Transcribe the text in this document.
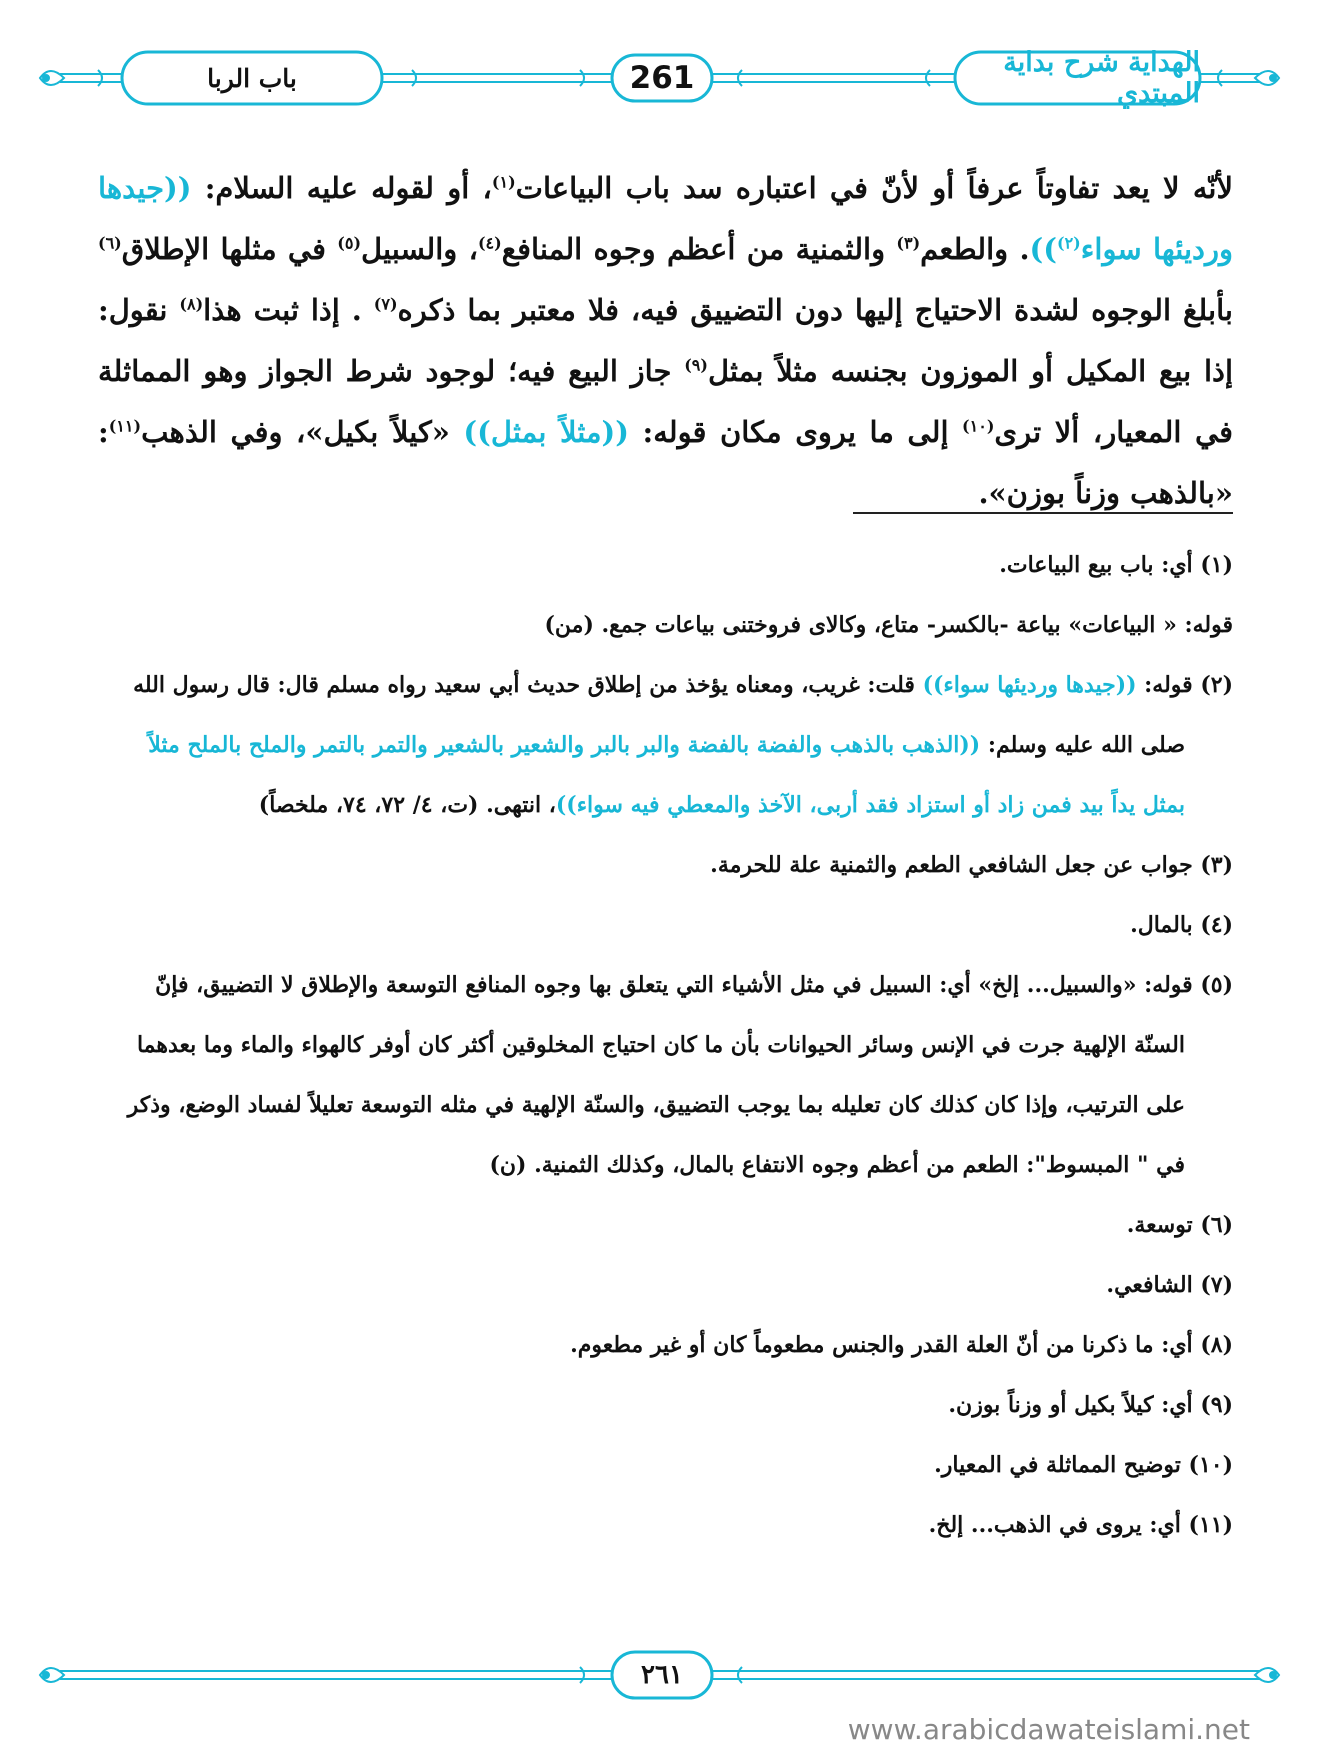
باب الربا	261	الهداية شرح بداية المبتدي
لأنّه لا يعد تفاوتاً عرفاً أو لأنّ في اعتباره سد باب البياعات$^{(١)}$، أو لقوله عليه السلام: ((جيدها ورديئها سواء$^{(٢)}$)). والطعم$^{(٣)}$ والثمنية من أعظم وجوه المنافع$^{(٤)}$، والسبيل$^{(٥)}$ في مثلها الإطلاق$^{(٦)}$ بأبلغ الوجوه لشدة الاحتياج إليها دون التضييق فيه، فلا معتبر بما ذكره$^{(٧)}$ . إذا ثبت هذا$^{(٨)}$ نقول: إذا بيع المكيل أو الموزون بجنسه مثلاً بمثل$^{(٩)}$ جاز البيع فيه؛ لوجود شرط الجواز وهو المماثلة في المعيار، ألا ترى$^{(١٠)}$ إلى ما يروى مكان قوله: ((مثلاً بمثل)) «كيلاً بكيل»، وفي الذهب$^{(١١)}$: «بالذهب وزناً بوزن».
(١) أي: باب بيع البياعات.
قوله: « البياعات» بياعة -بالكسر- متاع، وكالاى فروختنى بياعات جمع. (من)
(٢) قوله: ((جيدها ورديئها سواء)) قلت: غريب، ومعناه يؤخذ من إطلاق حديث أبي سعيد رواه مسلم قال: قال رسول الله
صلى الله عليه وسلم: ((الذهب بالذهب والفضة بالفضة والبر بالبر والشعير بالشعير والتمر بالتمر والملح بالملح مثلاً
بمثل يداً بيد فمن زاد أو استزاد فقد أربى، الآخذ والمعطي فيه سواء))، انتهى. (ت، ٤/ ٧٢، ٧٤، ملخصاً)
(٣) جواب عن جعل الشافعي الطعم والثمنية علة للحرمة.
(٤) بالمال.
(٥) قوله: «والسبيل... إلخ» أي: السبيل في مثل الأشياء التي يتعلق بها وجوه المنافع التوسعة والإطلاق لا التضييق، فإنّ
السنّة الإلهية جرت في الإنس وسائر الحيوانات بأن ما كان احتياج المخلوقين أكثر كان أوفر كالهواء والماء وما بعدهما
على الترتيب، وإذا كان كذلك كان تعليله بما يوجب التضييق، والسنّة الإلهية في مثله التوسعة تعليلاً لفساد الوضع، وذكر
في " المبسوط": الطعم من أعظم وجوه الانتفاع بالمال، وكذلك الثمنية. (ن)
(٦) توسعة.
(٧) الشافعي.
(٨) أي: ما ذكرنا من أنّ العلة القدر والجنس مطعوماً كان أو غير مطعوم.
(٩) أي: كيلاً بكيل أو وزناً بوزن.
(١٠) توضيح المماثلة في المعيار.
(١١) أي: يروى في الذهب... إلخ.
٢٦١
www.arabicdawateislami.net
